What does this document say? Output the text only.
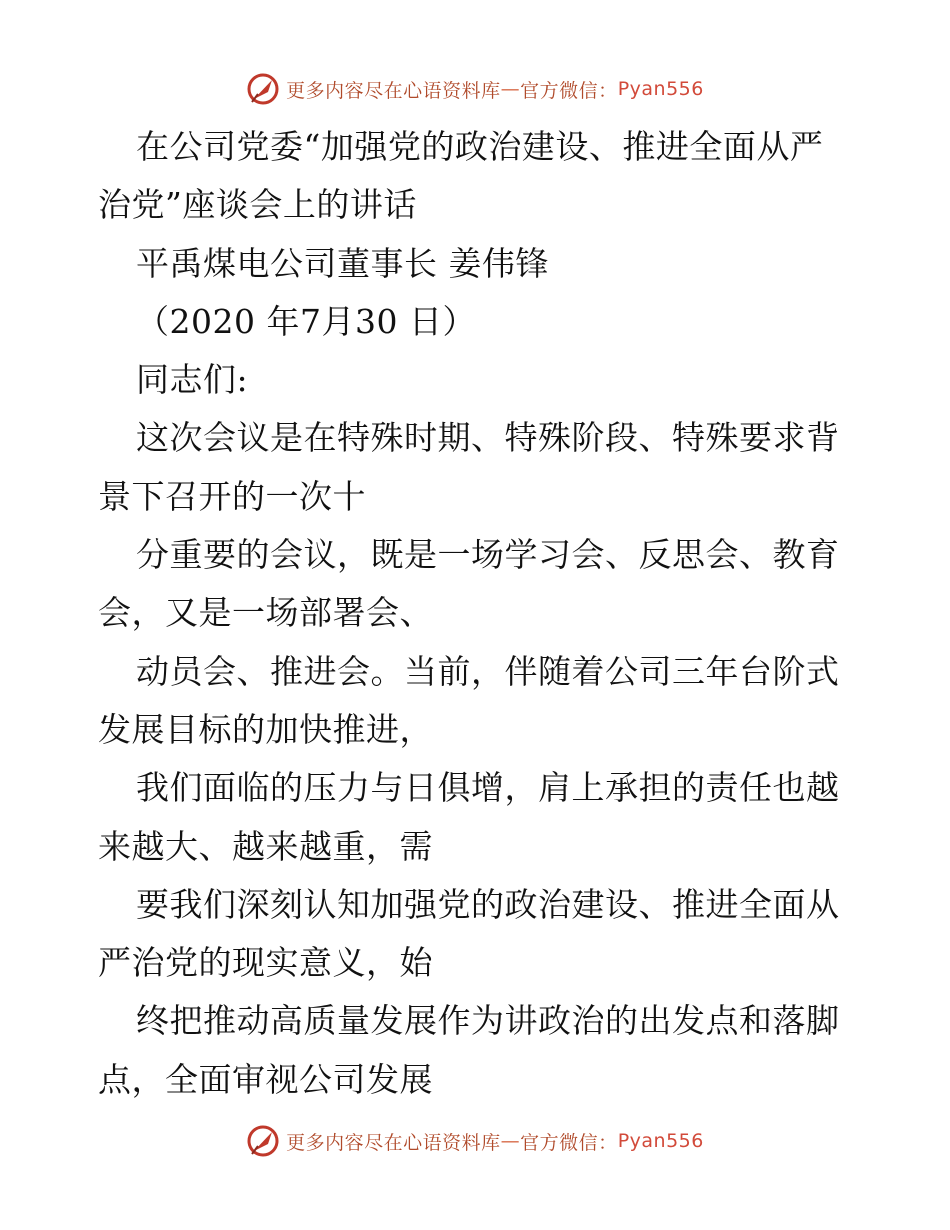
更多内容尽在心语资料库 — 官方微信： Pyan556
在公司党委“加强党的政治建设、推进全面从严
治党”座谈会上的讲话
平禹煤电公司董事长 姜伟锋
（2020 年7月30 日）
同志们:
这次会议是在特殊时期、特殊阶段、特殊要求背
景下召开的一次十
分重要的会议，既是一场学习会、反思会、教育
会，又是一场部署会、
动员会、推进会。当前，伴随着公司三年台阶式
发展目标的加快推进，
我们面临的压力与日俱增，肩上承担的责任也越
来越大、越来越重，需
要我们深刻认知加强党的政治建设、推进全面从
严治党的现实意义，始
终把推动高质量发展作为讲政治的出发点和落脚
点，全面审视公司发展
更多内容尽在心语资料库 — 官方微信： Pyan556
